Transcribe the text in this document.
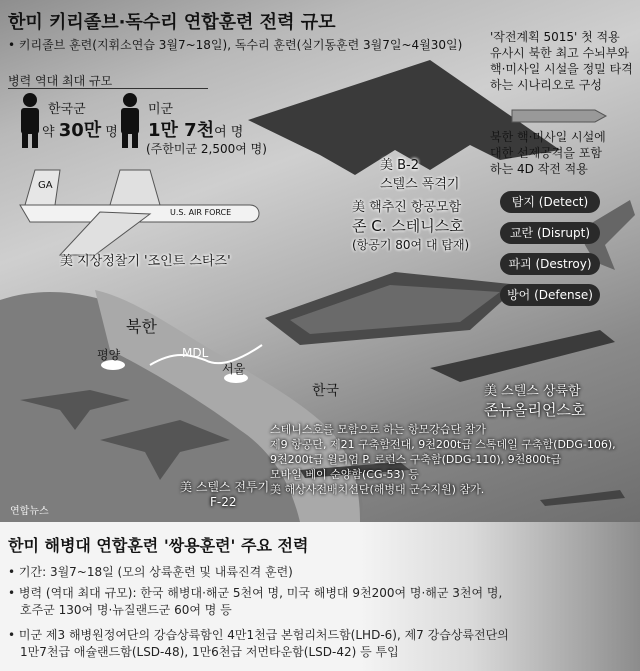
한미 키리졸브·독수리 연합훈련 전력 규모
• 키리졸브 훈련(지휘소연습 3월7~18일), 독수리 훈련(실기동훈련 3월7일~4월30일)
병력 역대 최대 규모
한국군
약 30만 명
미군
1만 7천여 명
(주한미군 2,500여 명)
'작전계획 5015' 첫 적용
유사시 북한 최고 수뇌부와
핵·미사일 시설을 정밀 타격
하는 시나리오로 구성
북한 핵·미사일 시설에
대한 선제공격을 포함
하는 4D 작전 적용
탐지 (Detect)
교란 (Disrupt)
파괴 (Destroy)
방어 (Defense)
GA
U.S. AIR FORCE
美 B-2
스텔스 폭격기
美 핵추진 항공모함
존 C. 스테니스호
(항공기 80여 대 탑재)
美 지상정찰기 '조인트 스타즈'
美 스텔스 상륙함
존뉴올리언스호
美 스텔스 전투기
F-22
북한
평양	MDL
서울
한국
스테니스호를 모함으로 하는 항모강습단 참가
제9 항공단, 제21 구축함전대, 9천200t급 스톡데일 구축함(DDG-106),
9천200t급 윌리엄 P. 로런스 구축함(DDG-110), 9천800t급
모바일 베이 순양함(CG-53) 등
美 해상사전배치선단(해병대 군수지원) 참가.
연합뉴스
한미 해병대 연합훈련 '쌍용훈련' 주요 전력
• 기간: 3월7~18일 (모의 상륙훈련 및 내륙진격 훈련)
• 병력 (역대 최대 규모): 한국 해병대·해군 5천여 명, 미국 해병대 9천200여 명·해군 3천여 명,
호주군 130여 명·뉴질랜드군 60여 명 등
• 미군 제3 해병원정여단의 강습상륙함인 4만1천급 본험리처드함(LHD-6), 제7 강습상륙전단의
1만7천급 애슐랜드함(LSD-48), 1만6천급 저먼타운함(LSD-42) 등 투입
